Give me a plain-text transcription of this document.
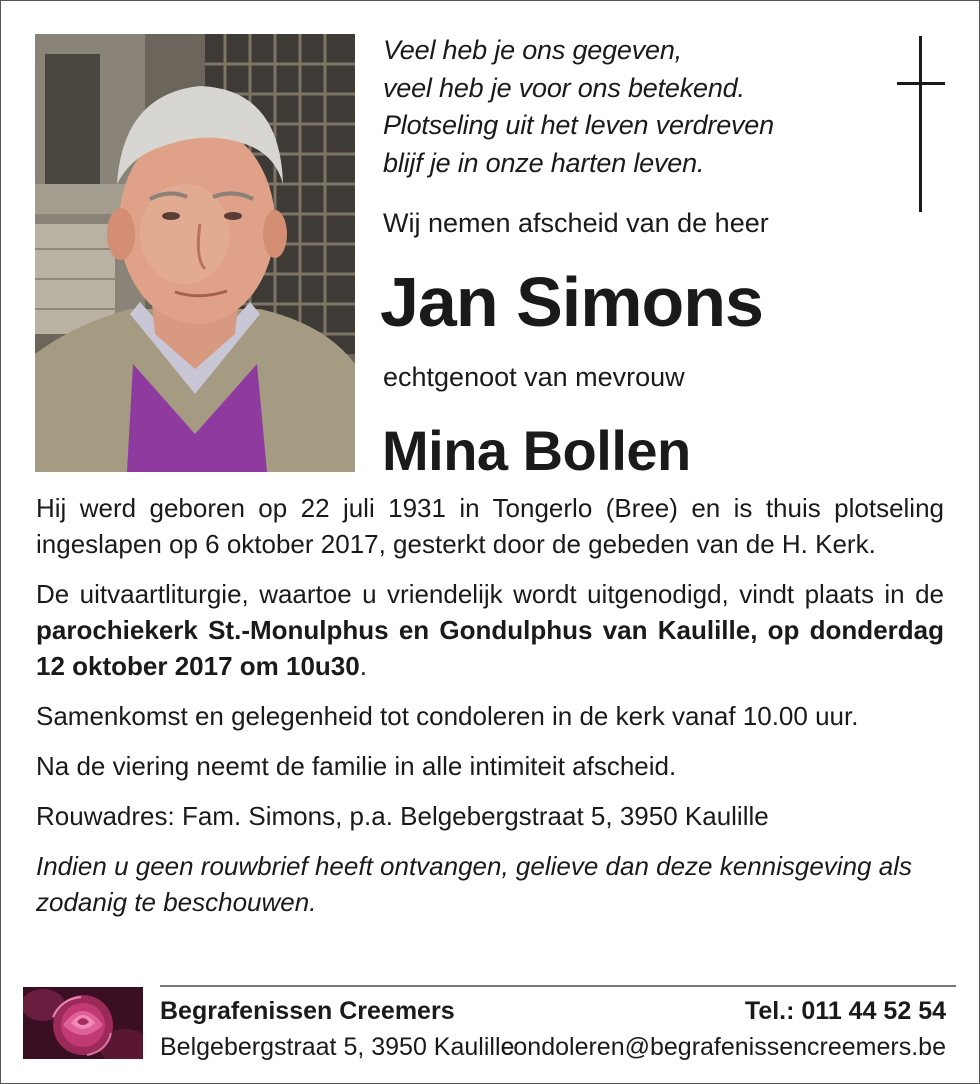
Veel heb je ons gegeven,
veel heb je voor ons betekend.
Plotseling uit het leven verdreven
blijf je in onze harten leven.
Wij nemen afscheid van de heer
Jan Simons
echtgenoot van mevrouw
Mina Bollen

Hij werd geboren op 22 juli 1931 in Tongerlo (Bree) en is thuis plotseling ingeslapen op 6 oktober 2017, gesterkt door de gebeden van de H. Kerk.

De uitvaartliturgie, waartoe u vriendelijk wordt uitgenodigd, vindt plaats in de parochiekerk St.-Monulphus en Gondulphus van Kaulille, op donderdag 12 oktober 2017 om 10u30.

Samenkomst en gelegenheid tot condoleren in de kerk vanaf 10.00 uur.

Na de viering neemt de familie in alle intimiteit afscheid.

Rouwadres: Fam. Simons, p.a. Belgebergstraat 5, 3950 Kaulille

Indien u geen rouwbrief heeft ontvangen, gelieve dan deze kennisgeving als zodanig te beschouwen.

Begrafenissen Creemers	Tel.: 011 44 52 54
Belgebergstraat 5, 3950 Kaulille
condoleren@begrafenissencreemers.be
